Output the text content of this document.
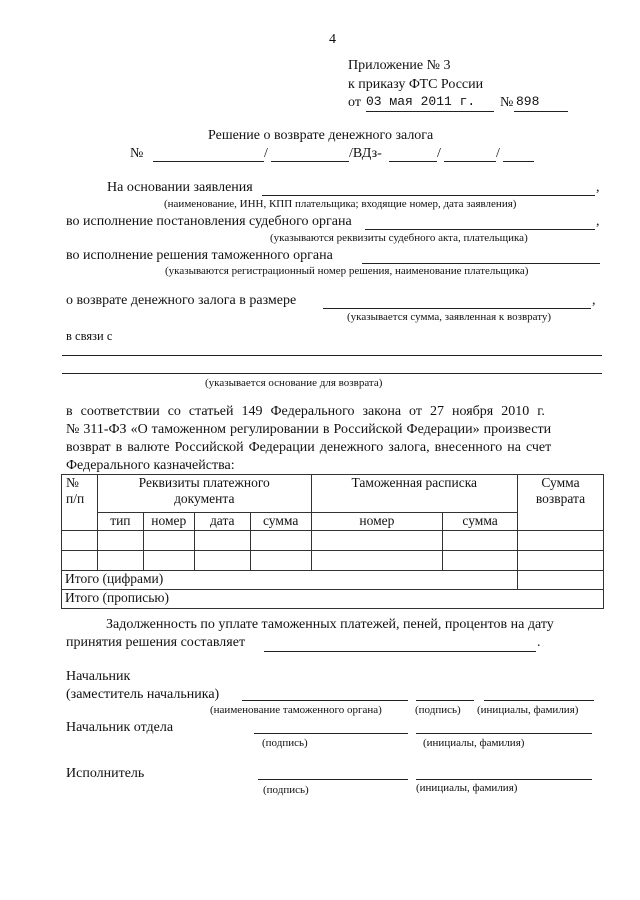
4
Приложение № 3
к приказу ФТС России
от 03 мая 2011 г. № 898
Решение о возврате денежного залога
№	/	/ВДз-	/	/
На основании заявления	,
(наименование, ИНН, КПП плательщика; входящие номер, дата заявления)
во исполнение постановления судебного органа	,
(указываются реквизиты судебного акта, плательщика)
во исполнение решения таможенного органа
(указываются регистрационный номер решения, наименование плательщика)
о возврате денежного залога в размере	,
(указывается сумма, заявленная к возврату)
в связи с
(указывается основание для возврата)
в соответствии со статьей 149 Федерального закона от 27 ноября 2010 г.
№ 311-ФЗ «О таможенном регулировании в Российской Федерации» произвести
возврат в валюте Российской Федерации денежного залога, внесенного на счет
Федерального казначейства:
№ п/п	Реквизиты платежного документа				Таможенная расписка		Сумма возврата
	тип	номер	дата	сумма	номер	сумма	

Итого (цифрами)							
Итого (прописью)							
Задолженность по уплате таможенных платежей, пеней, процентов на дату
принятия решения составляет	.
Начальник
(заместитель начальника)
(наименование таможенного органа)	(подпись) (инициалы, фамилия)
Начальник отдела
(подпись)	(инициалы, фамилия)
Исполнитель
(подпись)	(инициалы, фамилия)
